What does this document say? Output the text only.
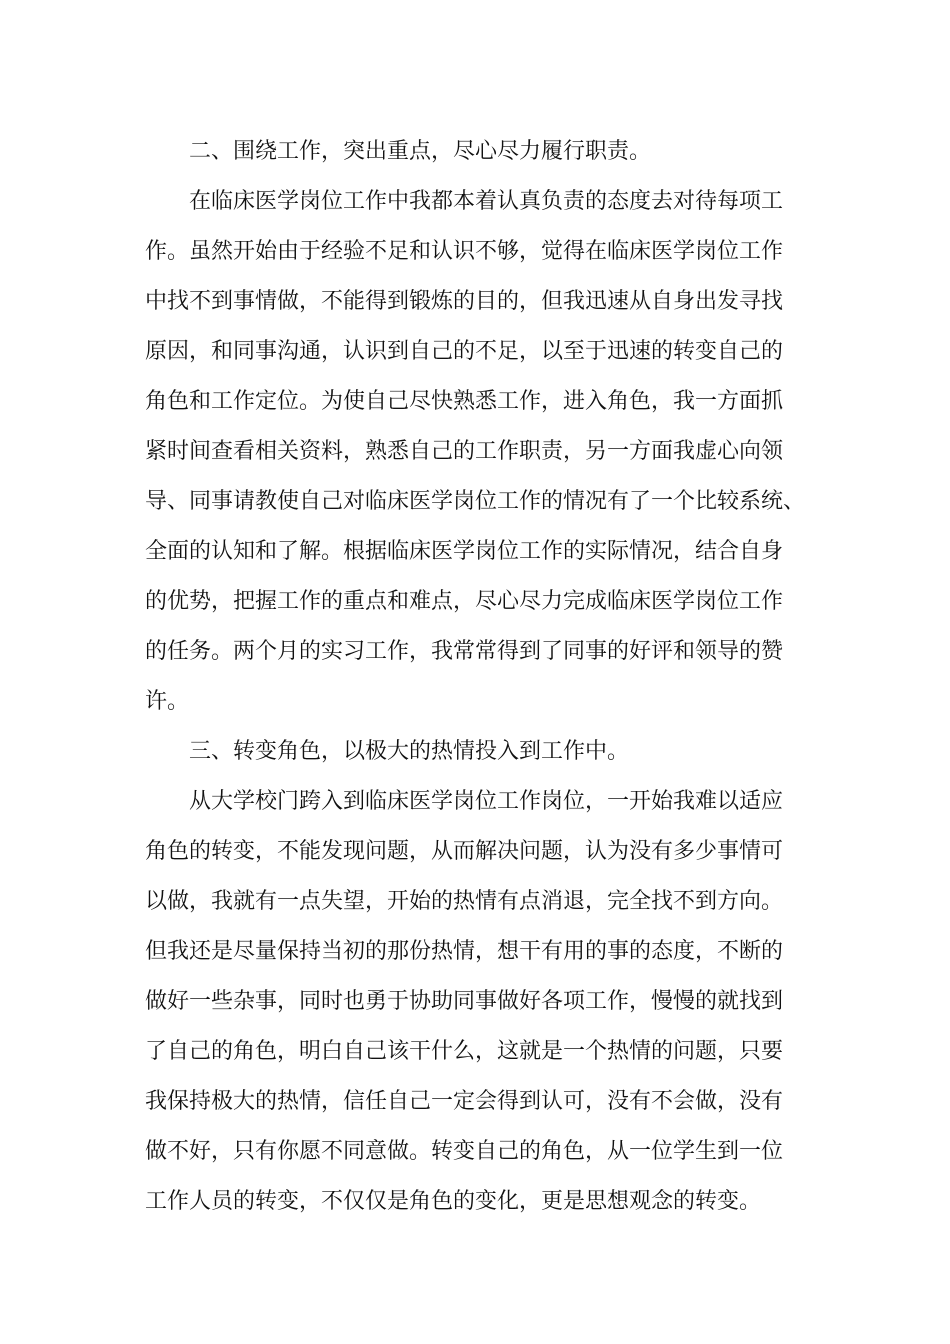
二、围绕工作，突出重点，尽心尽力履行职责。
在临床医学岗位工作中我都本着认真负责的态度去对待每项工
作。虽然开始由于经验不足和认识不够，觉得在临床医学岗位工作
中找不到事情做，不能得到锻炼的目的，但我迅速从自身出发寻找
原因，和同事沟通，认识到自己的不足，以至于迅速的转变自己的
角色和工作定位。为使自己尽快熟悉工作，进入角色，我一方面抓
紧时间查看相关资料，熟悉自己的工作职责，另一方面我虚心向领
导、同事请教使自己对临床医学岗位工作的情况有了一个比较系统、
全面的认知和了解。根据临床医学岗位工作的实际情况，结合自身
的优势，把握工作的重点和难点，尽心尽力完成临床医学岗位工作
的任务。两个月的实习工作，我常常得到了同事的好评和领导的赞
许。
三、转变角色，以极大的热情投入到工作中。
从大学校门跨入到临床医学岗位工作岗位，一开始我难以适应
角色的转变，不能发现问题，从而解决问题，认为没有多少事情可
以做，我就有一点失望，开始的热情有点消退，完全找不到方向。
但我还是尽量保持当初的那份热情，想干有用的事的态度，不断的
做好一些杂事，同时也勇于协助同事做好各项工作，慢慢的就找到
了自己的角色，明白自己该干什么，这就是一个热情的问题，只要
我保持极大的热情，信任自己一定会得到认可，没有不会做，没有
做不好，只有你愿不同意做。转变自己的角色，从一位学生到一位
工作人员的转变，不仅仅是角色的变化，更是思想观念的转变。
